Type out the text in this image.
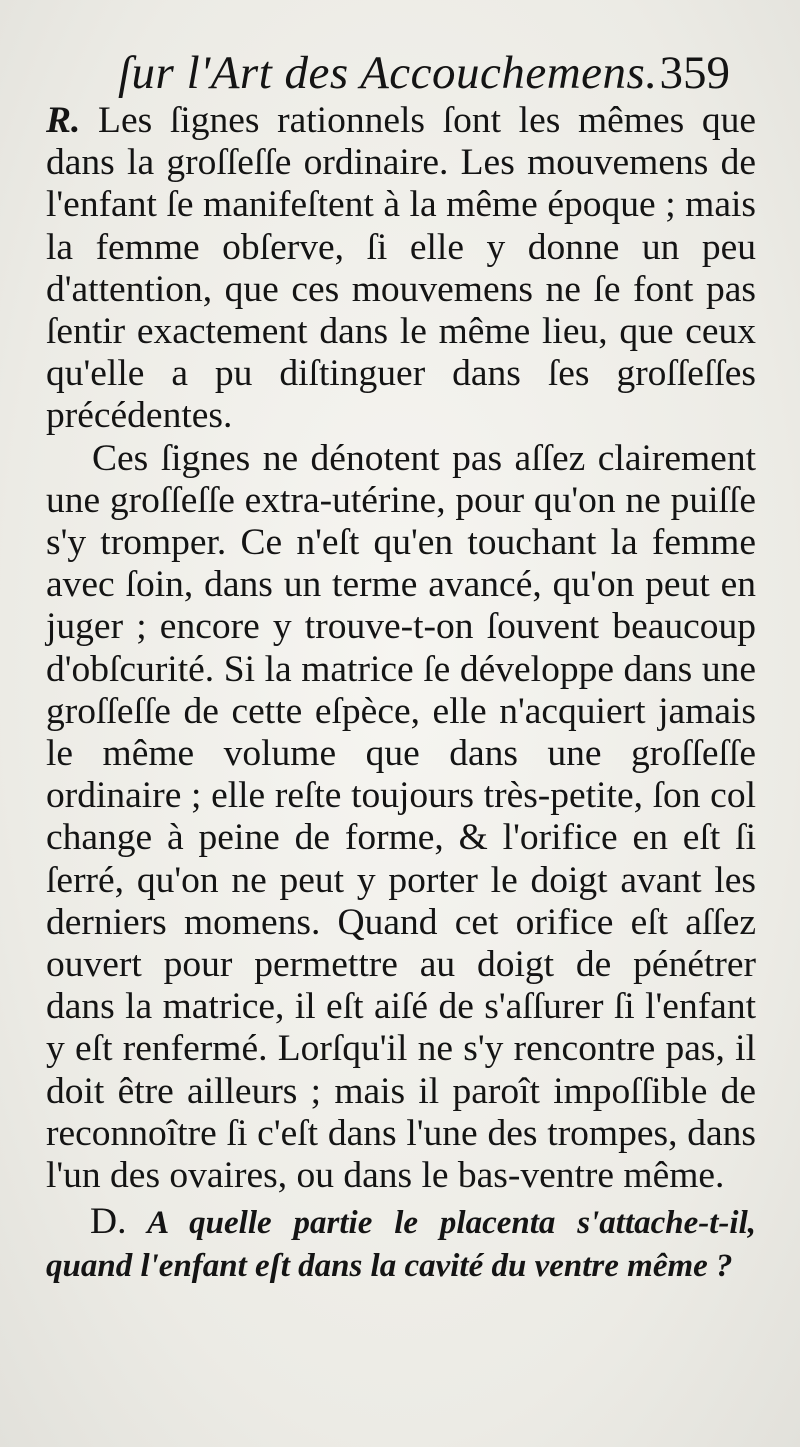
ſur l'Art des Accouchemens. 359

R. Les ſignes rationnels ſont les mêmes que dans la groſſeſſe ordinaire. Les mouvemens de l'enfant ſe manifeſtent à la même époque ; mais la femme obſerve, ſi elle y donne un peu d'attention, que ces mouvemens ne ſe font pas ſentir exactement dans le même lieu, que ceux qu'elle a pu diſtinguer dans ſes groſſeſſes précédentes.

Ces ſignes ne dénotent pas aſſez clairement une groſſeſſe extra-utérine, pour qu'on ne puiſſe s'y tromper. Ce n'eſt qu'en touchant la femme avec ſoin, dans un terme avancé, qu'on peut en juger ; encore y trouve-t-on ſouvent beaucoup d'obſcurité. Si la matrice ſe développe dans une groſſeſſe de cette eſpèce, elle n'acquiert jamais le même volume que dans une groſſeſſe ordinaire ; elle reſte toujours très-petite, ſon col change à peine de forme, & l'orifice en eſt ſi ſerré, qu'on ne peut y porter le doigt avant les derniers momens. Quand cet orifice eſt aſſez ouvert pour permettre au doigt de pénétrer dans la matrice, il eſt aiſé de s'aſſurer ſi l'enfant y eſt renfermé. Lorſqu'il ne s'y rencontre pas, il doit être ailleurs ; mais il paroît impoſſible de reconnoître ſi c'eſt dans l'une des trompes, dans l'un des ovaires, ou dans le bas-ventre même.

D. A quelle partie le placenta s'attache-t-il, quand l'enfant eſt dans la cavité du ventre même ?
